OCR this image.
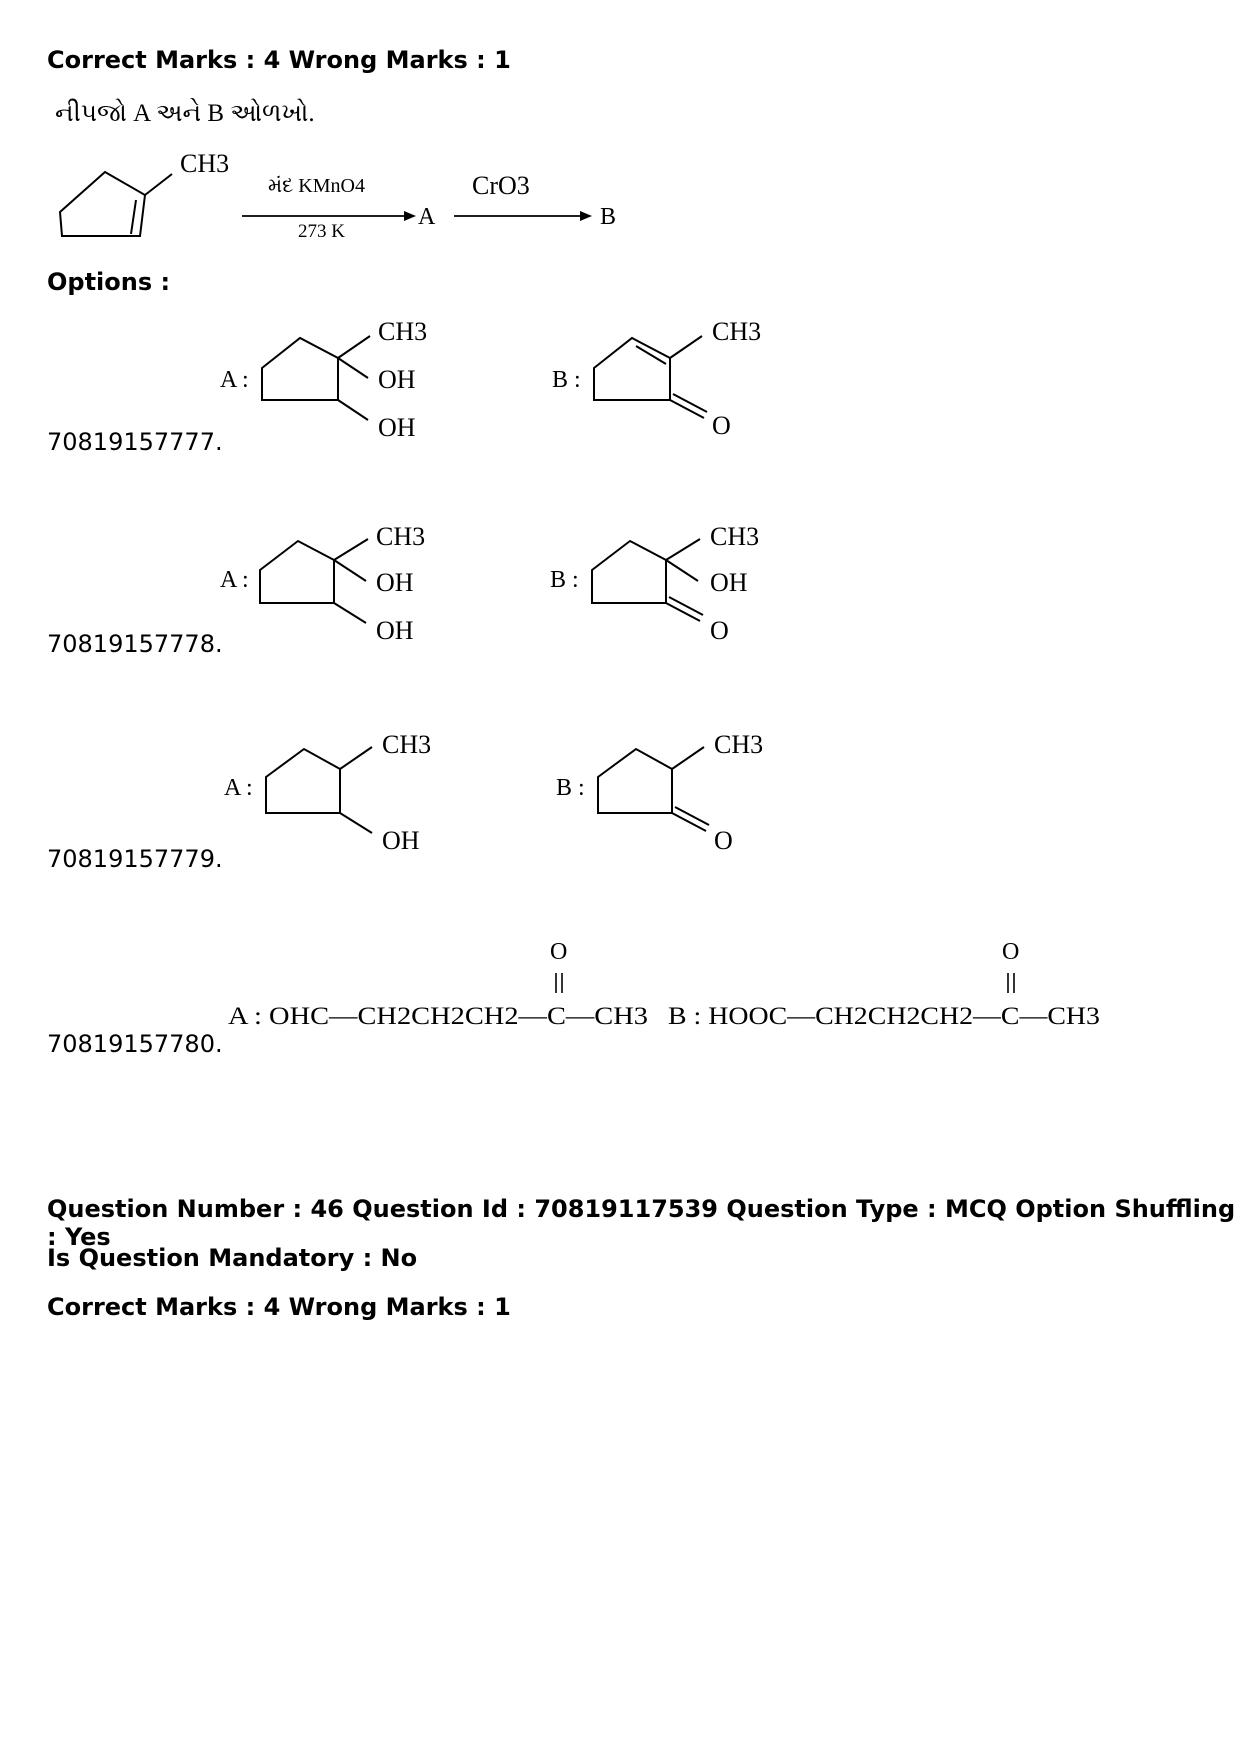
Correct Marks : 4 Wrong Marks : 1
નીપજો A અને B ઓળખો.
CH3
મંદ KMnO4
273 K
A
CrO3
B
Options :
70819157777.
A :
CH3
OH
OH
B :
CH3
O
70819157778.
A :
CH3
OH
OH
B :
CH3
OH
O
70819157779.
A :
CH3
OH
B :
CH3
O
70819157780.
O	O
A : OHC—CH2CH2CH2—C—CH3 B : HOOC—CH2CH2CH2—C—CH3
Question Number : 46 Question Id : 70819117539 Question Type : MCQ Option Shuffling : Yes
Is Question Mandatory : No
Correct Marks : 4 Wrong Marks : 1
